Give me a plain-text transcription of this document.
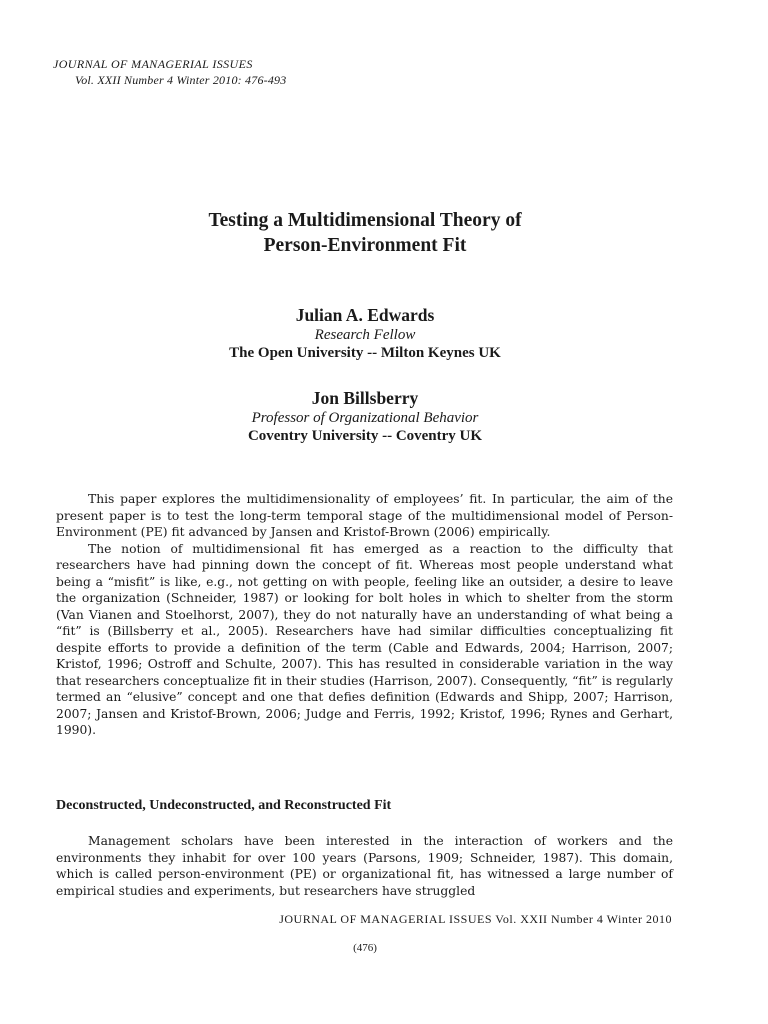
JOURNAL OF MANAGERIAL ISSUES
Vol. XXII Number 4 Winter 2010: 476-493
Testing a Multidimensional Theory of
Person-Environment Fit
Julian A. Edwards
Research Fellow
The Open University -- Milton Keynes UK
Jon Billsberry
Professor of Organizational Behavior
Coventry University -- Coventry UK

This paper explores the multidimensionality of employees’ fit. In particular, the aim of the present paper is to test the long-term temporal stage of the multidimensional model of Person-Environment (PE) fit advanced by Jansen and Kristof-Brown (2006) empirically.

The notion of multidimensional fit has emerged as a reaction to the difficulty that researchers have had pinning down the concept of fit. Whereas most people understand what being a “misfit” is like, e.g., not getting on with people, feeling like an outsider, a desire to leave the organization (Schneider, 1987) or looking for bolt holes in which to shelter from the storm (Van Vianen and Stoelhorst, 2007), they do not naturally have an understanding of what being a “fit” is (Billsberry et al., 2005). Researchers have had similar difficulties conceptualizing fit despite efforts to provide a definition of the term (Cable and Edwards, 2004; Harrison, 2007; Kristof, 1996; Ostroff and Schulte, 2007). This has resulted in considerable variation in the way that researchers conceptualize fit in their studies (Harrison, 2007). Consequently, “fit” is regularly termed an “elusive” concept and one that defies definition (Edwards and Shipp, 2007; Harrison, 2007; Jansen and Kristof-Brown, 2006; Judge and Ferris, 1992; Kristof, 1996; Rynes and Gerhart, 1990).

Deconstructed, Undeconstructed, and Reconstructed Fit

Management scholars have been interested in the interaction of workers and the environments they inhabit for over 100 years (Parsons, 1909; Schneider, 1987). This domain, which is called person-environment (PE) or organizational fit, has witnessed a large number of empirical studies and experiments, but researchers have struggled

JOURNAL OF MANAGERIAL ISSUES Vol. XXII Number 4 Winter 2010
(476)
